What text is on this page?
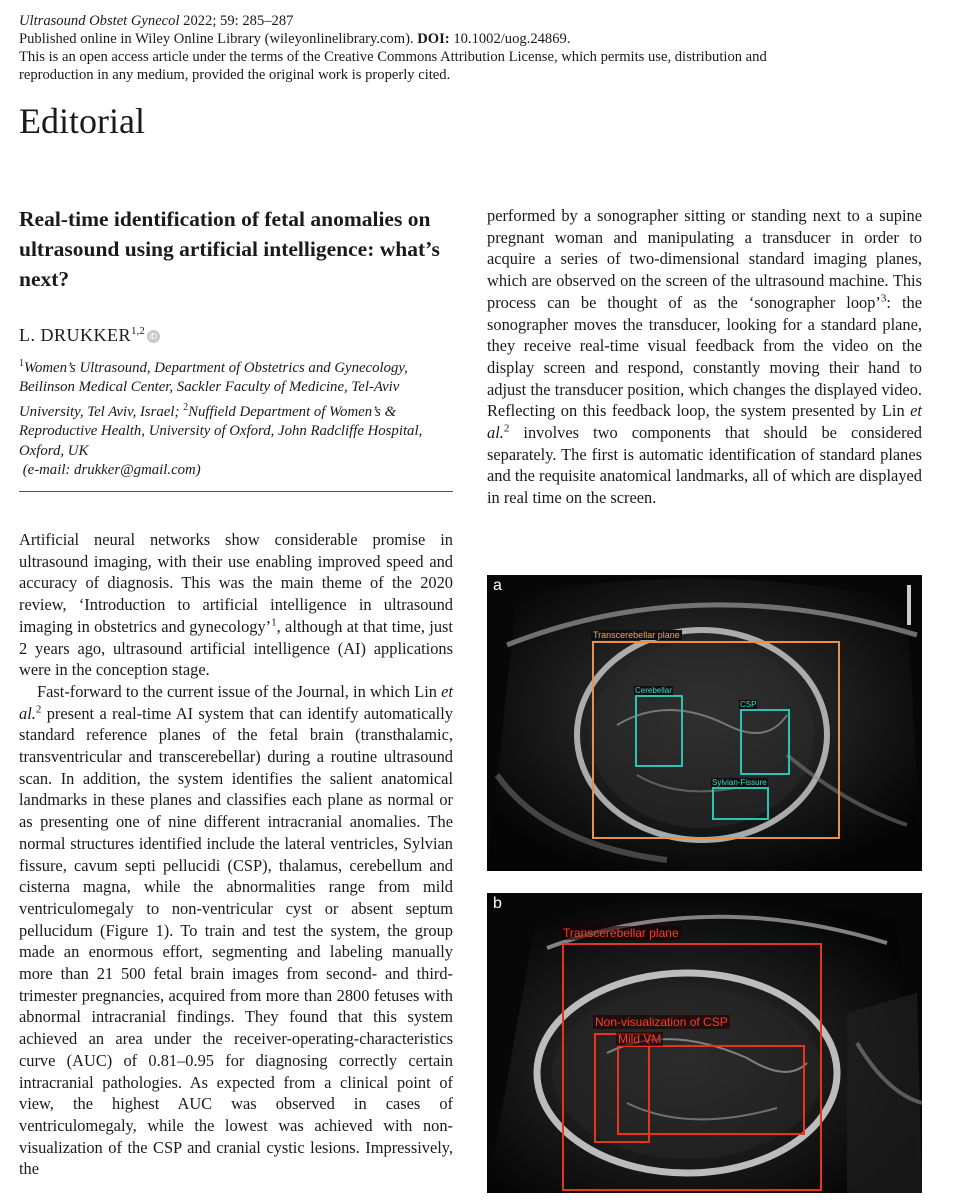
Ultrasound Obstet Gynecol 2022; 59: 285–287
Published online in Wiley Online Library (wileyonlinelibrary.com). DOI: 10.1002/uog.24869.
This is an open access article under the terms of the Creative Commons Attribution License, which permits use, distribution and
reproduction in any medium, provided the original work is properly cited.
Editorial
Real-time identification of fetal anomalies on ultrasound using artificial intelligence: what’s next?
L. DRUKKER$^{1,2}$ iD
$^1$Women’s Ultrasound, Department of Obstetrics and Gynecology, Beilinson Medical Center, Sackler Faculty of Medicine, Tel-Aviv University, Tel Aviv, Israel; $^2$Nuffield Department of Women’s & Reproductive Health, University of Oxford, John Radcliffe Hospital, Oxford, UK
(e-mail: drukker@gmail.com)

Artificial neural networks show considerable promise in ultrasound imaging, with their use enabling improved speed and accuracy of diagnosis. This was the main theme of the 2020 review, ‘Introduction to artificial intelligence in ultrasound imaging in obstetrics and gynecology’$^1$, although at that time, just 2 years ago, ultrasound artificial intelligence (AI) applications were in the conception stage.

Fast-forward to the current issue of the Journal, in which Lin et al.$^2$ present a real-time AI system that can identify automatically standard reference planes of the fetal brain (transthalamic, transventricular and transcerebellar) during a routine ultrasound scan. In addition, the system identifies the salient anatomical landmarks in these planes and classifies each plane as normal or as presenting one of nine different intracranial anomalies. The normal structures identified include the lateral ventricles, Sylvian fissure, cavum septi pellucidi (CSP), thalamus, cerebellum and cisterna magna, while the abnormalities range from mild ventriculomegaly to non-ventricular cyst or absent septum pellucidum (Figure 1). To train and test the system, the group made an enormous effort, segmenting and labeling manually more than 21 500 fetal brain images from second- and third-trimester pregnancies, acquired from more than 2800 fetuses with abnormal intracranial findings. They found that this system achieved an area under the receiver-operating-characteristics curve (AUC) of 0.81–0.95 for diagnosing correctly certain intracranial pathologies. As expected from a clinical point of view, the highest AUC was observed in cases of ventriculomegaly, while the lowest was achieved with non-visualization of the CSP and cranial cystic lesions. Impressively, the

performed by a sonographer sitting or standing next to a supine pregnant woman and manipulating a transducer in order to acquire a series of two-dimensional standard imaging planes, which are observed on the screen of the ultrasound machine. This process can be thought of as the ‘sonographer loop’$^3$: the sonographer moves the transducer, looking for a standard plane, they receive real-time visual feedback from the video on the display screen and respond, constantly moving their hand to adjust the transducer position, which changes the displayed video. Reflecting on this feedback loop, the system presented by Lin et al.$^2$ involves two components that should be considered separately. The first is automatic identification of standard planes and the requisite anatomical landmarks, all of which are displayed in real time on the screen.

a
Transcerebellar plane
Cerebellar
CSP
Sylvian-Fissure
b
Transcerebellar plane
Non-visualization of CSP
Mild VM
